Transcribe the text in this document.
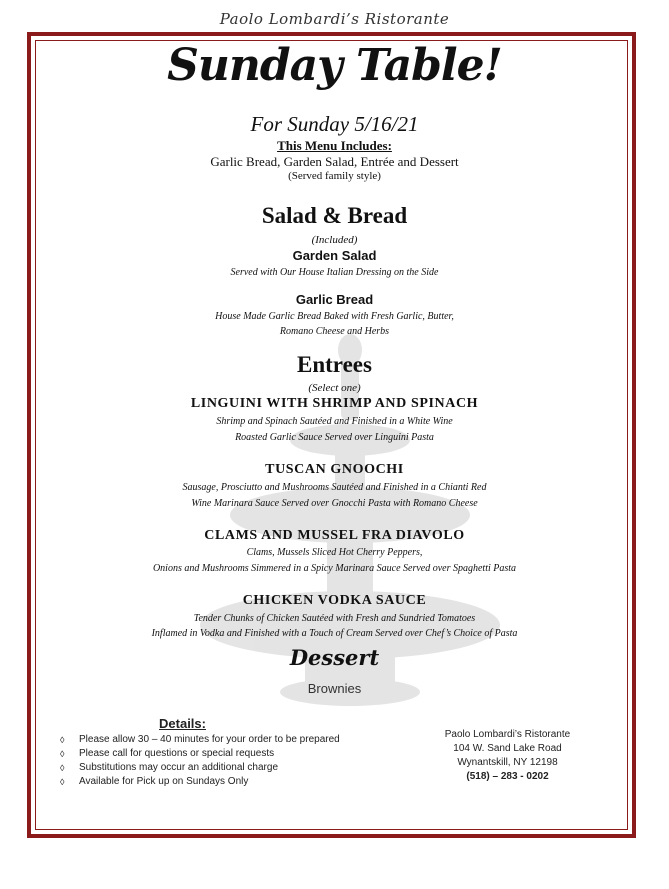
Paolo Lombardi’s Ristorante
Sunday Table!
For Sunday 5/16/21
This Menu Includes:
Garlic Bread, Garden Salad, Entrée and Dessert
(Served family style)
Salad & Bread
(Included)
Garden Salad
Served with Our House Italian Dressing on the Side
Garlic Bread
House Made Garlic Bread Baked with Fresh Garlic, Butter,
Romano Cheese and Herbs
Entrees
(Select one)
LINGUINI WITH SHRIMP AND SPINACH
Shrimp and Spinach Sautéed and Finished in a White Wine
Roasted Garlic Sauce Served over Linguini Pasta
TUSCAN GNOOCHI
Sausage, Prosciutto and Mushrooms Sautéed and Finished in a Chianti Red
Wine Marinara Sauce Served over Gnocchi Pasta with Romano Cheese
CLAMS AND MUSSEL FRA DIAVOLO
Clams, Mussels Sliced Hot Cherry Peppers,
Onions and Mushrooms Simmered in a Spicy Marinara Sauce Served over Spaghetti Pasta
CHICKEN VODKA SAUCE
Tender Chunks of Chicken Sautéed with Fresh and Sundried Tomatoes
Inflamed in Vodka and Finished with a Touch of Cream Served over Chef’s Choice of Pasta
Dessert
Brownies
Details:
◊ Please allow 30 – 40 minutes for your order to be prepared
◊ Please call for questions or special requests
◊ Substitutions may occur an additional charge
◊ Available for Pick up on Sundays Only
Paolo Lombardi’s Ristorante
104 W. Sand Lake Road
Wynantskill, NY 12198
(518) – 283 - 0202
